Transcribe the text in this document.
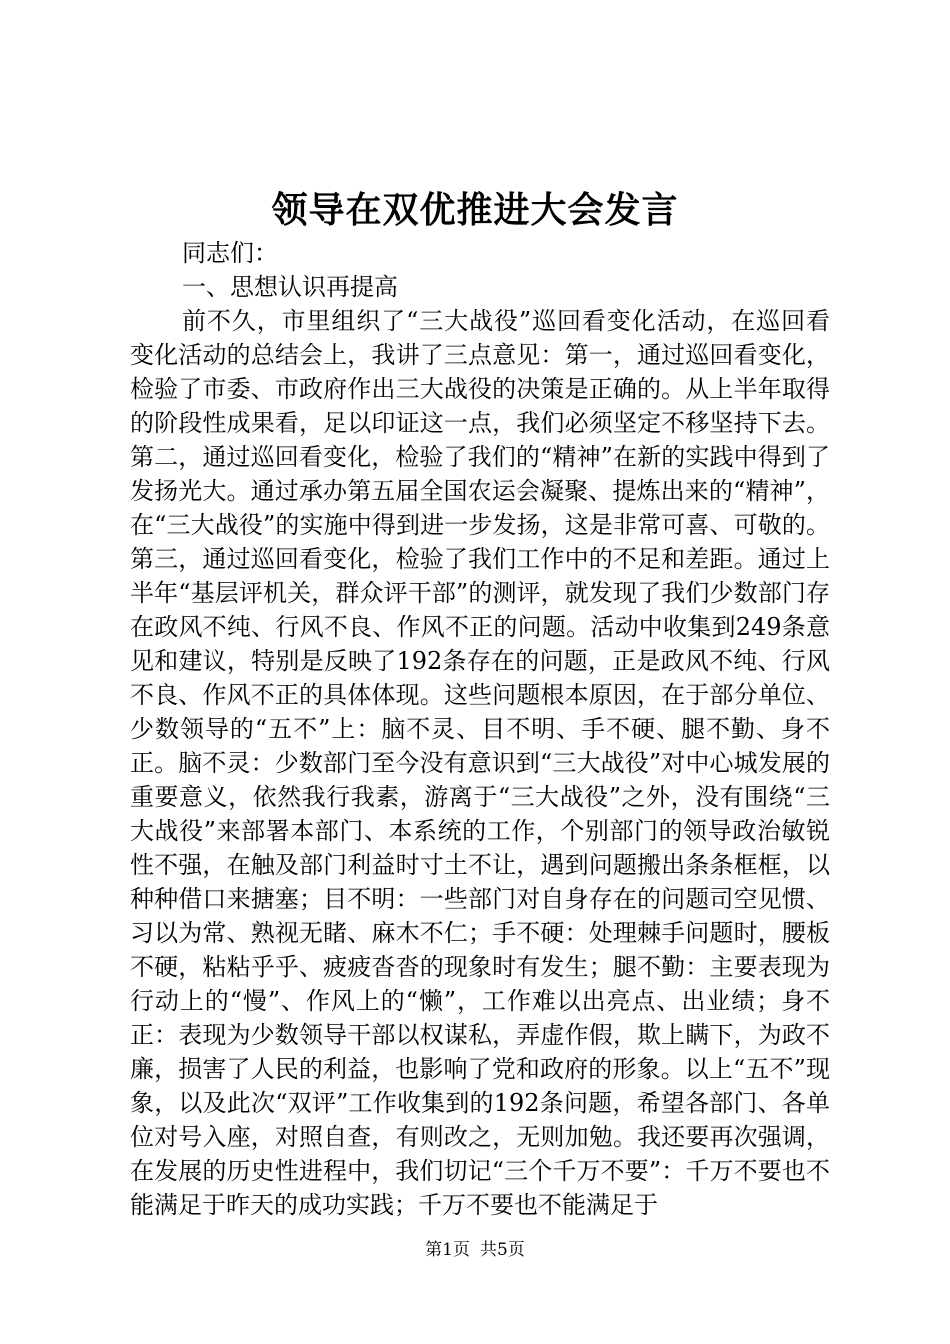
领导在双优推进大会发言

同志们：

一、思想认识再提高

前不久，市里组织了“三大战役”巡回看变化活动，在巡回看变化活动的总结会上，我讲了三点意见：第一，通过巡回看变化，检验了市委、市政府作出三大战役的决策是正确的。从上半年取得的阶段性成果看，足以印证这一点，我们必须坚定不移坚持下去。第二，通过巡回看变化，检验了我们的“精神”在新的实践中得到了发扬光大。通过承办第五届全国农运会凝聚、提炼出来的“精神”，在“三大战役”的实施中得到进一步发扬，这是非常可喜、可敬的。第三，通过巡回看变化，检验了我们工作中的不足和差距。通过上半年“基层评机关，群众评干部”的测评，就发现了我们少数部门存在政风不纯、行风不良、作风不正的问题。活动中收集到249条意见和建议，特别是反映了192条存在的问题，正是政风不纯、行风不良、作风不正的具体体现。这些问题根本原因，在于部分单位、少数领导的“五不”上：脑不灵、目不明、手不硬、腿不勤、身不正。脑不灵：少数部门至今没有意识到“三大战役”对中心城发展的重要意义，依然我行我素，游离于“三大战役”之外，没有围绕“三大战役”来部署本部门、本系统的工作，个别部门的领导政治敏锐性不强，在触及部门利益时寸土不让，遇到问题搬出条条框框，以种种借口来搪塞；目不明：一些部门对自身存在的问题司空见惯、习以为常、熟视无睹、麻木不仁；手不硬：处理棘手问题时，腰板不硬，粘粘乎乎、疲疲沓沓的现象时有发生；腿不勤：主要表现为行动上的“慢”、作风上的“懒”，工作难以出亮点、出业绩；身不正：表现为少数领导干部以权谋私，弄虚作假，欺上瞒下，为政不廉，损害了人民的利益，也影响了党和政府的形象。以上“五不”现象，以及此次“双评”工作收集到的192条问题，希望各部门、各单位对号入座，对照自查，有则改之，无则加勉。我还要再次强调，在发展的历史性进程中，我们切记“三个千万不要”：千万不要也不能满足于昨天的成功实践；千万不要也不能满足于

第1页 共5页
